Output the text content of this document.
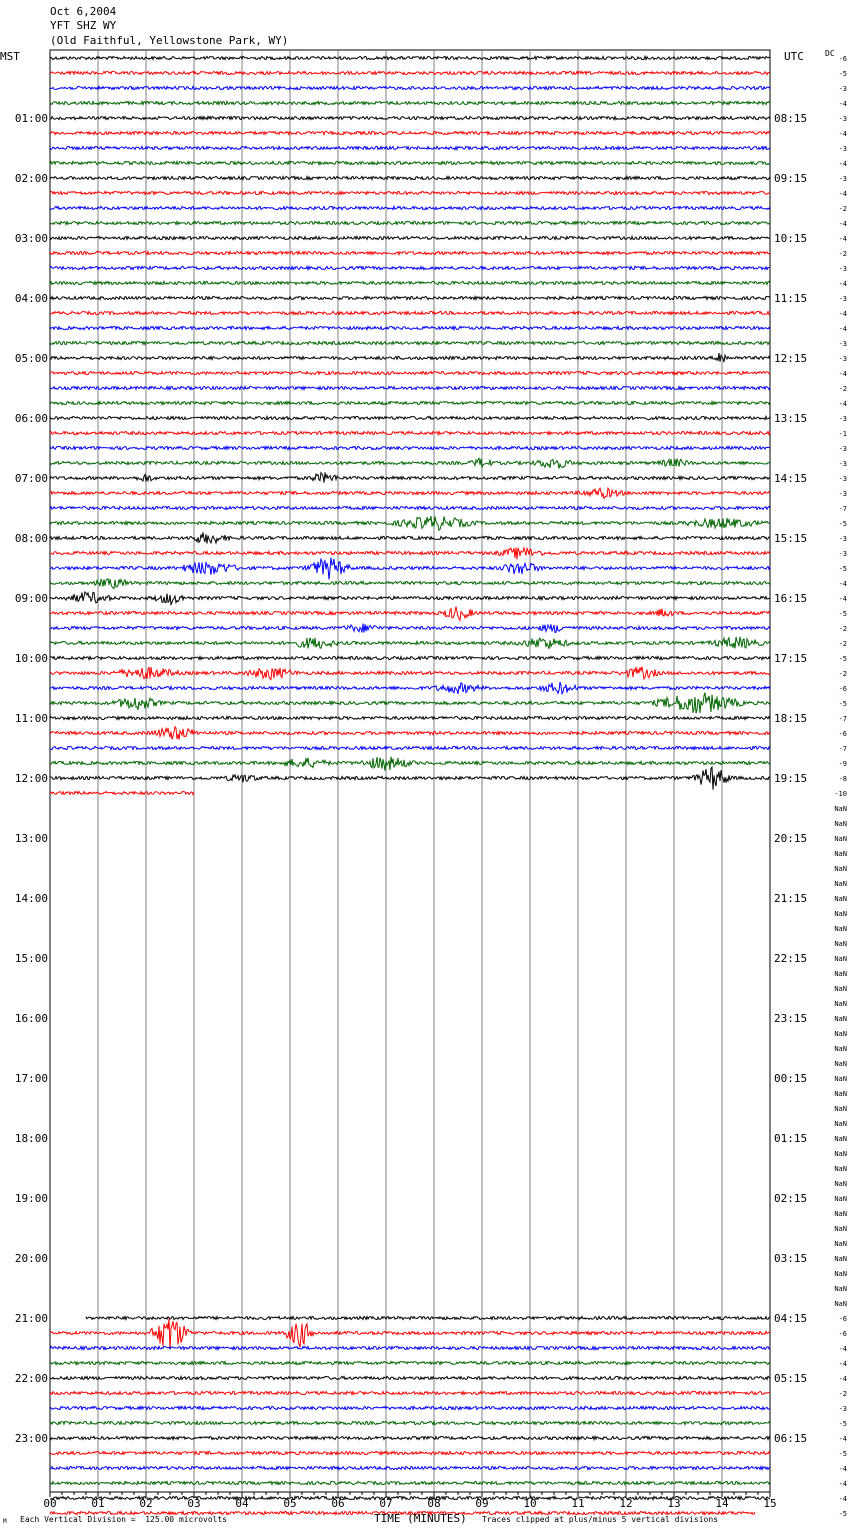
Oct 6,2004
YFT SHZ WY
(Old Faithful, Yellowstone Park, WY)
MST	UTC	DC
00	01	02	03	04	05	06	07	08	09	10	11	12	13	14	15
01:00
02:00
03:00
04:00
05:00
06:00
07:00
08:00
09:00
10:00
11:00
12:00
13:00
14:00
15:00
16:00
17:00
18:00
19:00
20:00
21:00
22:00
23:00
08:15
09:15
10:15
11:15
12:15
13:15
14:15
15:15
16:15
17:15
18:15
19:15
20:15
21:15
22:15
23:15
00:15
01:15
02:15
03:15
04:15
05:15
06:15
-6
-5
-3
-4
-3
-4
-3
-4
-3
-4
-2
-4
-4
-2
-3
-4
-3
-4
-4
-3
-3
-4
-2
-4
-3
-1
-3
-3
-3
-3
-7
-5
-3
-3
-5
-4
-4
-5
-2
-2
-5
-2
-6
-5
-7
-6
-7
-9
-8
-10
NaN
NaN
NaN
NaN
NaN
NaN
NaN
NaN
NaN
NaN
NaN
NaN
NaN
NaN
NaN
NaN
NaN
NaN
NaN
NaN
NaN
NaN
NaN
NaN
NaN
NaN
NaN
NaN
NaN
NaN
NaN
NaN
NaN
NaN
-6
-6
-4
-4
-4
-2
-3
-5
-4
-5
-4
-4
-4
-5
TIME (MINUTES)
Each Vertical Division =  125.00 microvolts	Traces clipped at plus/minus 5 vertical divisions
M
